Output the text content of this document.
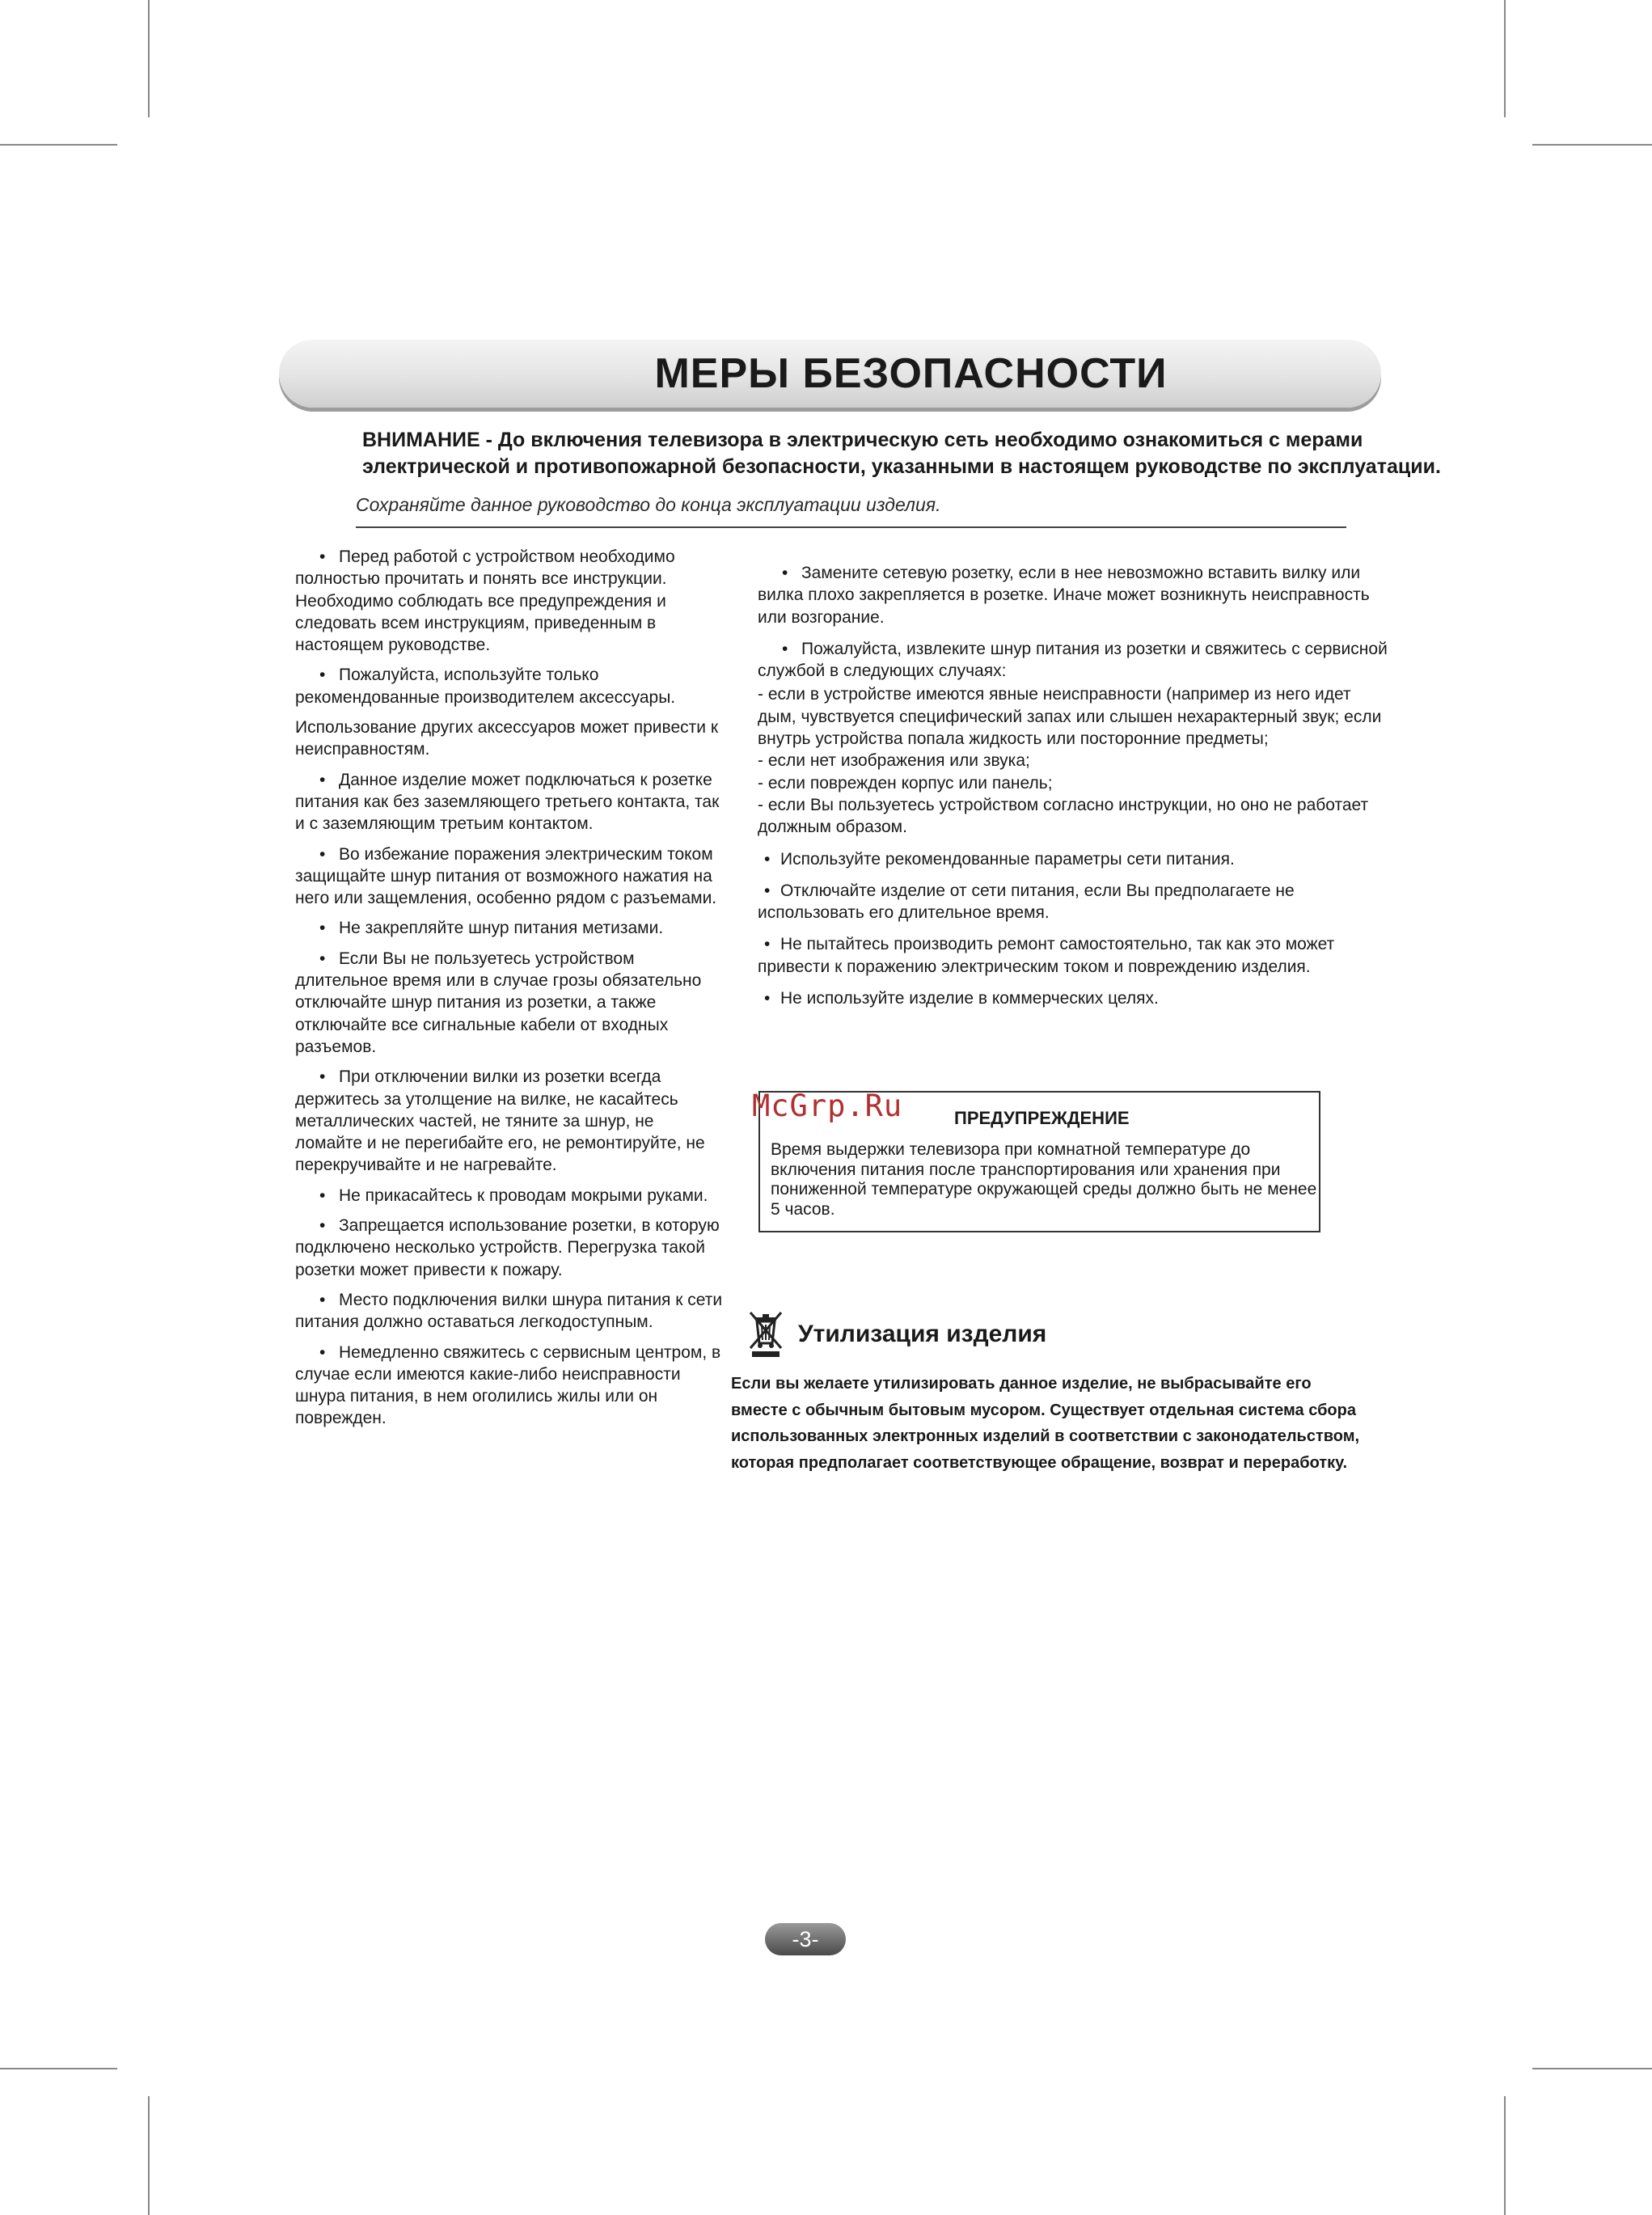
МЕРЫ БЕЗОПАСНОСТИ
ВНИМАНИЕ - До включения телевизора в электрическую сеть необходимо ознакомиться с мерами
электрической и противопожарной безопасности, указанными в настоящем руководстве по эксплуатации.
Сохраняйте данное руководство до конца эксплуатации изделия.

• Перед работой с устройством необходимо полностью прочитать и понять все инструкции. Необходимо соблюдать все предупреждения и следовать всем инструкциям, приведенным в настоящем руководстве.

• Пожалуйста, используйте только рекомендованные производителем аксессуары.

Использование других аксессуаров может привести к неисправностям.

• Данное изделие может подключаться к розетке питания как без заземляющего третьего контакта, так и с заземляющим третьим контактом.

• Во избежание поражения электрическим током защищайте шнур питания от возможного нажатия на него или защемления, особенно рядом с разъемами.

• Не закрепляйте шнур питания метизами.

• Если Вы не пользуетесь устройством длительное время или в случае грозы обязательно отключайте шнур питания из розетки, а также отключайте все сигнальные кабели от входных разъемов.

• При отключении вилки из розетки всегда держитесь за утолщение на вилке, не касайтесь металлических частей, не тяните за шнур, не ломайте и не перегибайте его, не ремонтируйте, не перекручивайте и не нагревайте.

• Не прикасайтесь к проводам мокрыми руками.

• Запрещается использование розетки, в которую подключено несколько устройств. Перегрузка такой розетки может привести к пожару.

• Место подключения вилки шнура питания к сети питания должно оставаться легкодоступным.

• Немедленно свяжитесь с сервисным центром, в случае если имеются какие-либо неисправности шнура питания, в нем оголились жилы или он поврежден.

• Замените сетевую розетку, если в нее невозможно вставить вилку или вилка плохо закрепляется в розетке. Иначе может возникнуть неисправность или возгорание.

• Пожалуйста, извлеките шнур питания из розетки и свяжитесь с сервисной службой в следующих случаях:

- если в устройстве имеются явные неисправности (например из него идет дым, чувствуется специфический запах или слышен нехарактерный звук; если внутрь устройства попала жидкость или посторонние предметы;

- если нет изображения или звука;

- если поврежден корпус или панель;

- если Вы пользуетесь устройством согласно инструкции, но оно не работает должным образом.

• Используйте рекомендованные параметры сети питания.

• Отключайте изделие от сети питания, если Вы предполагаете не использовать его длительное время.

• Не пытайтесь производить ремонт самостоятельно, так как это может привести к поражению электрическим током и повреждению изделия.

• Не используйте изделие в коммерческих целях.

McGrp.Ru	ПРЕДУПРЕЖДЕНИЕ

Время выдержки телевизора при комнатной температуре до включения питания после транспортирования или хранения при пониженной температуре окружающей среды должно быть не менее 5 часов.

Утилизация изделия

Если вы желаете утилизировать данное изделие, не выбрасывайте его вместе с обычным бытовым мусором. Существует отдельная система сбора использованных электронных изделий в соответствии с законодательством, которая предполагает соответствующее обращение, возврат и переработку.

-3-
